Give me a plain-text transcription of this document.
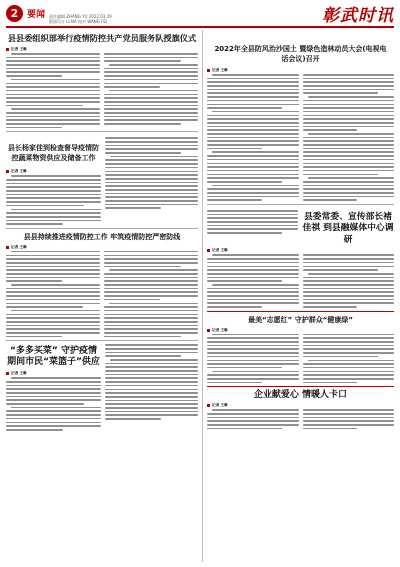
2 要闻 责任编辑 ZHANG YU 2022.03.29
版面设计 LI NA 校对 WANG FEI	彰武时讯
县县委组织部举行疫情防控共产党员服务队授旗仪式
记者 王琳
县长杨家佳到检查督导疫情防控蔬菜物资供应及储备工作
记者 王琳
县县持续推进疫情防控工作 牢筑疫情防控严密防线
记者 王琳
“多多买菜” 守护疫情期间市民“菜篮子”供应
记者 王琳
2022年全县防风治沙国土 暨绿色造林动员大会(电视电话会议)召开
记者 王琳
县委常委、宣传部长褚佳祺 到县融媒体中心调研
记者 王琳
最美“志愿红” 守护群众“健康绿”
记者 王琳
企业献爱心 情暖人卡口
记者 王琳
